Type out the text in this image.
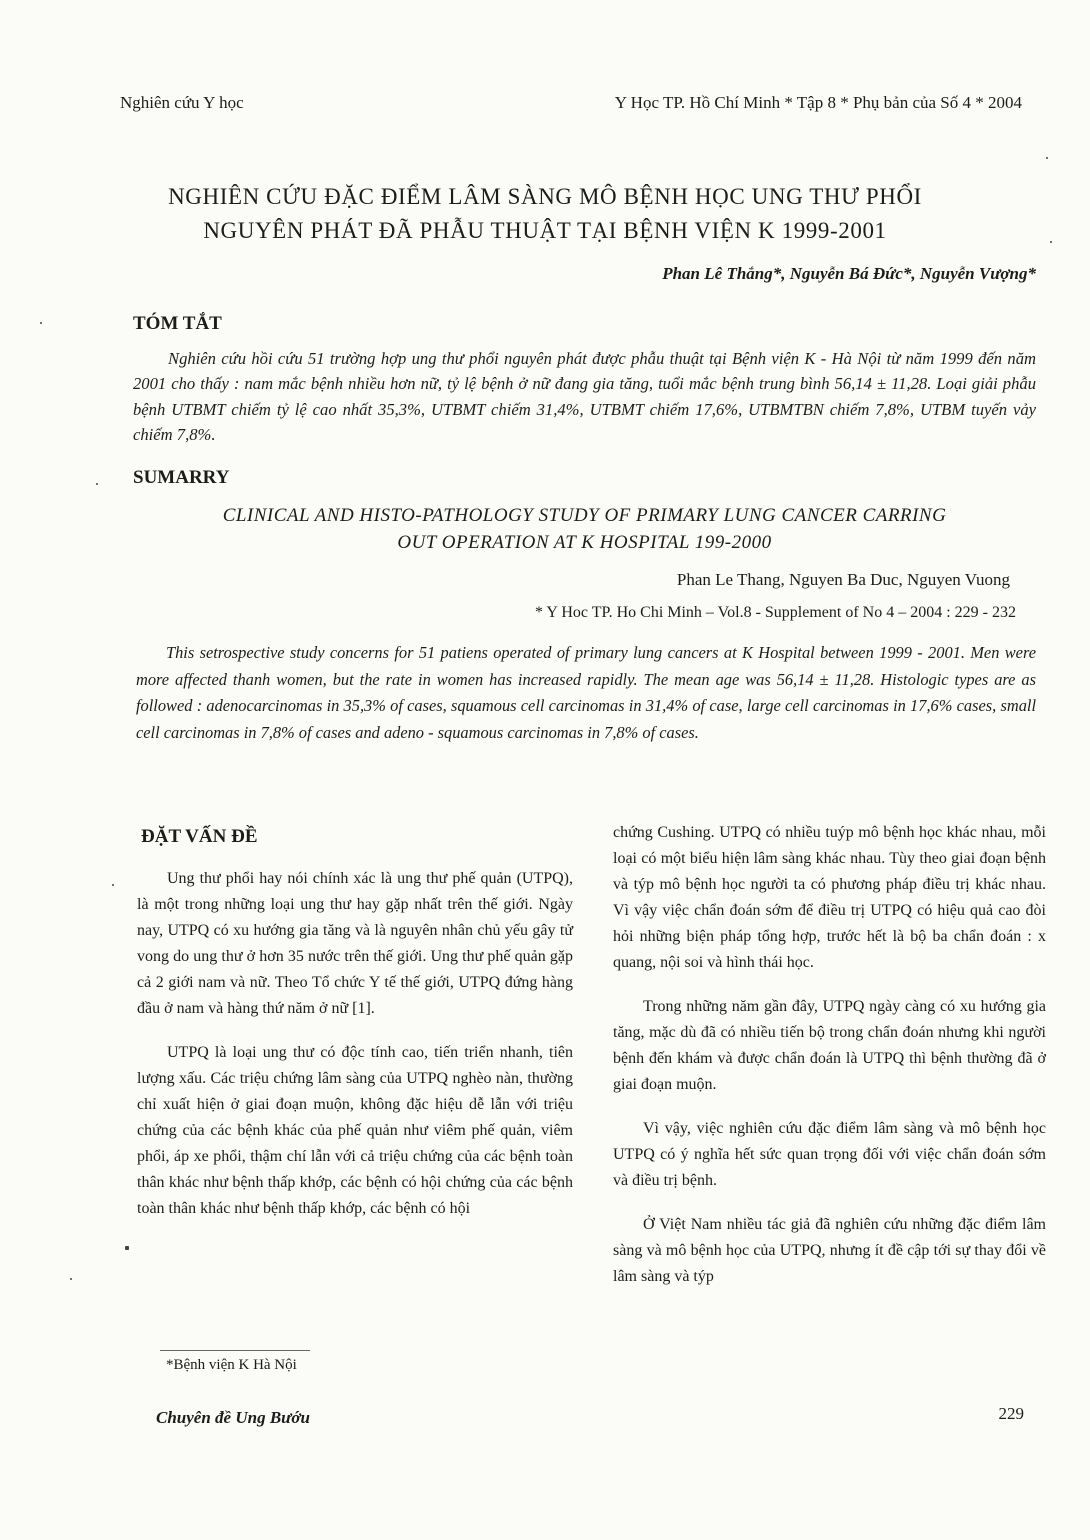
Nghiên cứu Y học	Y Học TP. Hồ Chí Minh * Tập 8 * Phụ bản của Số 4 * 2004
NGHIÊN CỨU ĐẶC ĐIỂM LÂM SÀNG MÔ BỆNH HỌC UNG THƯ PHỔI
NGUYÊN PHÁT ĐÃ PHẪU THUẬT TẠI BỆNH VIỆN K 1999-2001
Phan Lê Thắng*, Nguyễn Bá Đức*, Nguyễn Vượng*
TÓM TẮT
Nghiên cứu hồi cứu 51 trường hợp ung thư phổi nguyên phát được phẫu thuật tại Bệnh viện K - Hà Nội từ năm 1999 đến năm 2001 cho thấy : nam mắc bệnh nhiều hơn nữ, tỷ lệ bệnh ở nữ đang gia tăng, tuổi mắc bệnh trung bình 56,14 ± 11,28. Loại giải phẫu bệnh UTBMT chiếm tỷ lệ cao nhất 35,3%, UTBMT chiếm 31,4%, UTBMT chiếm 17,6%, UTBMTBN chiếm 7,8%, UTBM tuyến vảy chiếm 7,8%.
SUMARRY
CLINICAL AND HISTO-PATHOLOGY STUDY OF PRIMARY LUNG CANCER CARRING
OUT OPERATION AT K HOSPITAL 199-2000
Phan Le Thang, Nguyen Ba Duc, Nguyen Vuong
* Y Hoc TP. Ho Chi Minh – Vol.8 - Supplement of No 4 – 2004 : 229 - 232
This setrospective study concerns for 51 patiens operated of primary lung cancers at K Hospital between 1999 - 2001. Men were more affected thanh women, but the rate in women has increased rapidly. The mean age was 56,14 ± 11,28. Histologic types are as followed : adenocarcinomas in 35,3% of cases, squamous cell carcinomas in 31,4% of case, large cell carcinomas in 17,6% cases, small cell carcinomas in 7,8% of cases and adeno - squamous carcinomas in 7,8% of cases.
ĐẶT VẤN ĐỀ

Ung thư phổi hay nói chính xác là ung thư phế quản (UTPQ), là một trong những loại ung thư hay gặp nhất trên thế giới. Ngày nay, UTPQ có xu hướng gia tăng và là nguyên nhân chủ yếu gây tử vong do ung thư ở hơn 35 nước trên thế giới. Ung thư phế quản gặp cả 2 giới nam và nữ. Theo Tổ chức Y tế thế giới, UTPQ đứng hàng đầu ở nam và hàng thứ năm ở nữ [1].

UTPQ là loại ung thư có độc tính cao, tiến triển nhanh, tiên lượng xấu. Các triệu chứng lâm sàng của UTPQ nghèo nàn, thường chỉ xuất hiện ở giai đoạn muộn, không đặc hiệu dễ lẫn với triệu chứng của các bệnh khác của phế quản như viêm phế quản, viêm phổi, áp xe phổi, thậm chí lẫn với cả triệu chứng của các bệnh toàn thân khác như bệnh thấp khớp, các bệnh có hội chứng của các bệnh toàn thân khác như bệnh thấp khớp, các bệnh có hội

chứng Cushing. UTPQ có nhiều tuýp mô bệnh học khác nhau, mỗi loại có một biểu hiện lâm sàng khác nhau. Tùy theo giai đoạn bệnh và týp mô bệnh học người ta có phương pháp điều trị khác nhau. Vì vậy việc chẩn đoán sớm để điều trị UTPQ có hiệu quả cao đòi hỏi những biện pháp tổng hợp, trước hết là bộ ba chẩn đoán : x quang, nội soi và hình thái học.

Trong những năm gần đây, UTPQ ngày càng có xu hướng gia tăng, mặc dù đã có nhiều tiến bộ trong chẩn đoán nhưng khi người bệnh đến khám và được chẩn đoán là UTPQ thì bệnh thường đã ở giai đoạn muộn.

Vì vậy, việc nghiên cứu đặc điểm lâm sàng và mô bệnh học UTPQ có ý nghĩa hết sức quan trọng đối với việc chẩn đoán sớm và điều trị bệnh.

Ở Việt Nam nhiều tác giả đã nghiên cứu những đặc điểm lâm sàng và mô bệnh học của UTPQ, nhưng ít đề cập tới sự thay đổi về lâm sàng và týp

*Bệnh viện K Hà Nội
Chuyên đề Ung Bướu	229
